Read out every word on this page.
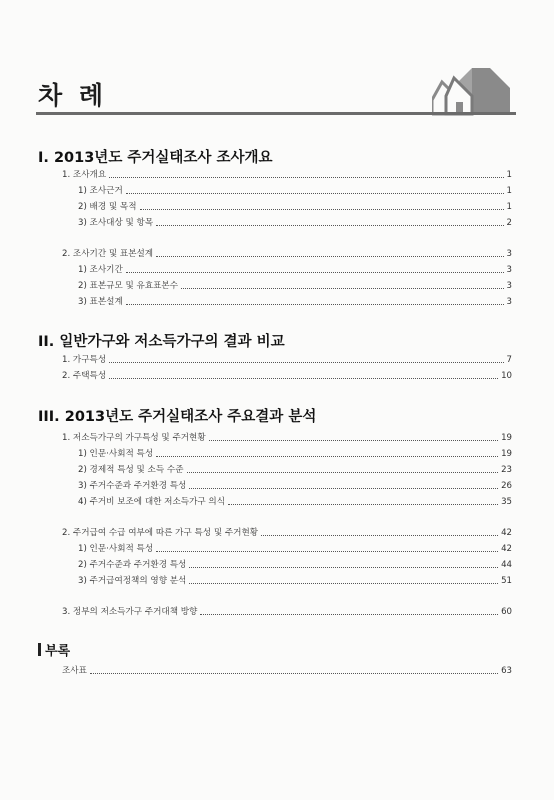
차 례
I. 2013년도 주거실태조사 조사개요
1. 조사개요	1
1) 조사근거	1
2) 배경 및 목적	1
3) 조사대상 및 항목	2
2. 조사기간 및 표본설계	3
1) 조사기간	3
2) 표본규모 및 유효표본수	3
3) 표본설계	3
II. 일반가구와 저소득가구의 결과 비교
1. 가구특성	7
2. 주택특성	10
III. 2013년도 주거실태조사 주요결과 분석
1. 저소득가구의 가구특성 및 주거현황	19
1) 인문·사회적 특성	19
2) 경제적 특성 및 소득 수준	23
3) 주거수준과 주거환경 특성	26
4) 주거비 보조에 대한 저소득가구 의식	35
2. 주거급여 수급 여부에 따른 가구 특성 및 주거현황	42
1) 인문·사회적 특성	42
2) 주거수준과 주거환경 특성	44
3) 주거급여정책의 영향 분석	51
3. 정부의 저소득가구 주거대책 방향	60
부록
조사표	63
